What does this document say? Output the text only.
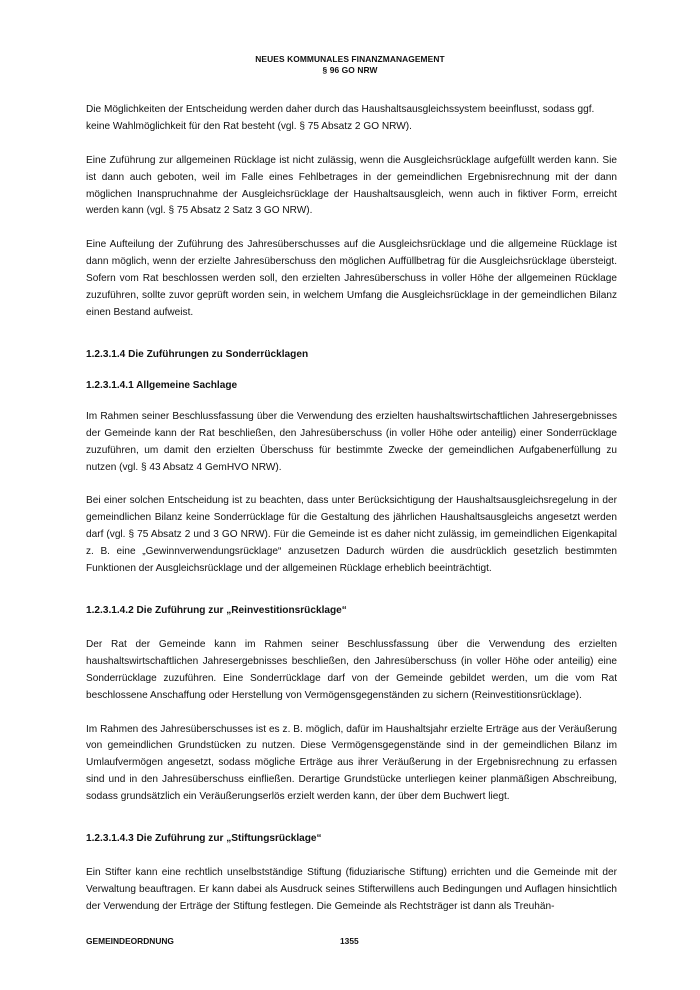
NEUES KOMMUNALES FINANZMANAGEMENT
§ 96 GO NRW

Die Möglichkeiten der Entscheidung werden daher durch das Haushaltsausgleichssystem beeinflusst, sodass ggf. keine Wahlmöglichkeit für den Rat besteht (vgl. § 75 Absatz 2 GO NRW).

Eine Zuführung zur allgemeinen Rücklage ist nicht zulässig, wenn die Ausgleichsrücklage aufgefüllt werden kann. Sie ist dann auch geboten, weil im Falle eines Fehlbetrages in der gemeindlichen Ergebnisrechnung mit der dann möglichen Inanspruchnahme der Ausgleichsrücklage der Haushaltsausgleich, wenn auch in fiktiver Form, erreicht werden kann (vgl. § 75 Absatz 2 Satz 3 GO NRW).

Eine Aufteilung der Zuführung des Jahresüberschusses auf die Ausgleichsrücklage und die allgemeine Rücklage ist dann möglich, wenn der erzielte Jahresüberschuss den möglichen Auffüllbetrag für die Ausgleichsrücklage übersteigt. Sofern vom Rat beschlossen werden soll, den erzielten Jahresüberschuss in voller Höhe der allgemeinen Rücklage zuzuführen, sollte zuvor geprüft worden sein, in welchem Umfang die Ausgleichsrücklage in der gemeindlichen Bilanz einen Bestand aufweist.

1.2.3.1.4 Die Zuführungen zu Sonderrücklagen
1.2.3.1.4.1 Allgemeine Sachlage

Im Rahmen seiner Beschlussfassung über die Verwendung des erzielten haushaltswirtschaftlichen Jahresergebnisses der Gemeinde kann der Rat beschließen, den Jahresüberschuss (in voller Höhe oder anteilig) einer Sonderrücklage zuzuführen, um damit den erzielten Überschuss für bestimmte Zwecke der gemeindlichen Aufgabenerfüllung zu nutzen (vgl. § 43 Absatz 4 GemHVO NRW).

Bei einer solchen Entscheidung ist zu beachten, dass unter Berücksichtigung der Haushaltsausgleichsregelung in der gemeindlichen Bilanz keine Sonderrücklage für die Gestaltung des jährlichen Haushaltsausgleichs angesetzt werden darf (vgl. § 75 Absatz 2 und 3 GO NRW). Für die Gemeinde ist es daher nicht zulässig, im gemeindlichen Eigenkapital z. B. eine „Gewinnverwendungsrücklage“ anzusetzen Dadurch würden die ausdrücklich gesetzlich bestimmten Funktionen der Ausgleichsrücklage und der allgemeinen Rücklage erheblich beeinträchtigt.

1.2.3.1.4.2 Die Zuführung zur „Reinvestitionsrücklage“

Der Rat der Gemeinde kann im Rahmen seiner Beschlussfassung über die Verwendung des erzielten haushaltswirtschaftlichen Jahresergebnisses beschließen, den Jahresüberschuss (in voller Höhe oder anteilig) eine Sonderrücklage zuzuführen. Eine Sonderrücklage darf von der Gemeinde gebildet werden, um die vom Rat beschlossene Anschaffung oder Herstellung von Vermögensgegenständen zu sichern (Reinvestitionsrücklage).

Im Rahmen des Jahresüberschusses ist es z. B. möglich, dafür im Haushaltsjahr erzielte Erträge aus der Veräußerung von gemeindlichen Grundstücken zu nutzen. Diese Vermögensgegenstände sind in der gemeindlichen Bilanz im Umlaufvermögen angesetzt, sodass mögliche Erträge aus ihrer Veräußerung in der Ergebnisrechnung zu erfassen sind und in den Jahresüberschuss einfließen. Derartige Grundstücke unterliegen keiner planmäßigen Abschreibung, sodass grundsätzlich ein Veräußerungserlös erzielt werden kann, der über dem Buchwert liegt.

1.2.3.1.4.3 Die Zuführung zur „Stiftungsrücklage“

Ein Stifter kann eine rechtlich unselbstständige Stiftung (fiduziarische Stiftung) errichten und die Gemeinde mit der Verwaltung beauftragen. Er kann dabei als Ausdruck seines Stifterwillens auch Bedingungen und Auflagen hinsichtlich der Verwendung der Erträge der Stiftung festlegen. Die Gemeinde als Rechtsträger ist dann als Treuhän-

GEMEINDEORDNUNG	1355
